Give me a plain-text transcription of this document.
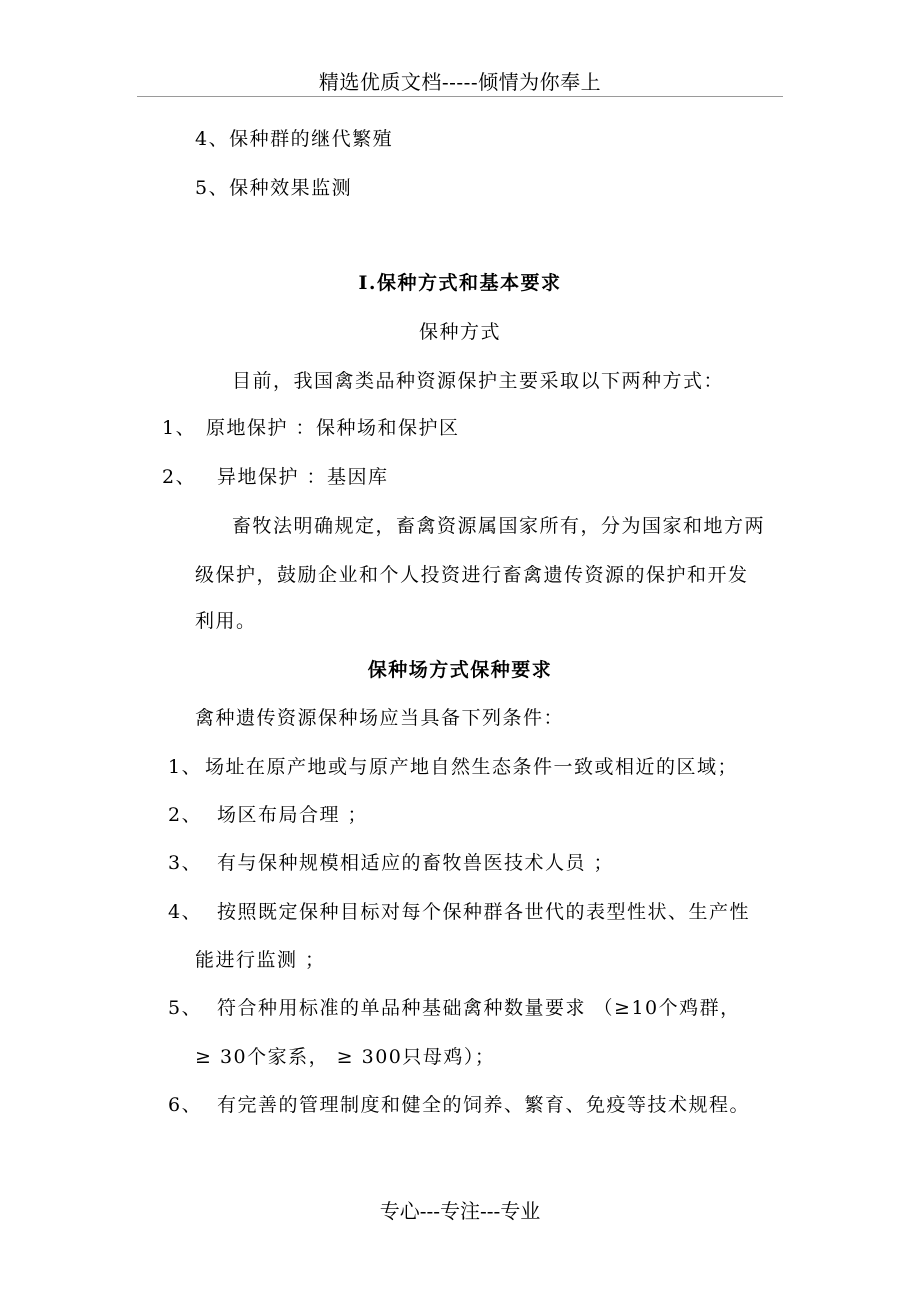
精选优质文档-----倾情为你奉上
4、保种群的继代繁殖
5、保种效果监测
I.保种方式和基本要求
保种方式
目前，我国禽类品种资源保护主要采取以下两种方式：
1、 原地保护 ：保种场和保护区
2、 异地保护 ：基因库
畜牧法明确规定，畜禽资源属国家所有，分为国家和地方两
级保护，鼓励企业和个人投资进行畜禽遗传资源的保护和开发
利用。
保种场方式保种要求
禽种遗传资源保种场应当具备下列条件：
1、 场址在原产地或与原产地自然生态条件一致或相近的区域；
2、 场区布局合理 ；
3、 有与保种规模相适应的畜牧兽医技术人员 ；
4、 按照既定保种目标对每个保种群各世代的表型性状、生产性
能进行监测 ；
5、 符合种用标准的单品种基础禽种数量要求 （≥10个鸡群，
≥ 30个家系， ≥ 300只母鸡）；
6、 有完善的管理制度和健全的饲养、繁育、免疫等技术规程。
专心---专注---专业
